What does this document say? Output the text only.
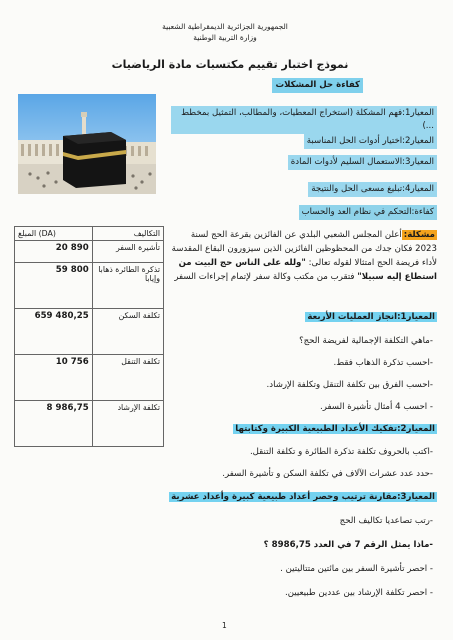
الجمهورية الجزائرية الديمقراطية الشعبية
وزارة التربية الوطنية
نموذج اختبار تقييم مكتسبات مادة الرياضيات
كفاءة حل المشكلات
المعيار1:فهم المشكلة (استخراج المعطيات، والمطالب، التمثيل بمخطط ...)
المعيار2:اختيار أدوات الحل المناسبة
المعيار3:الاستعمال السليم لأدوات المادة
المعيار4:تبليغ مسعى الحل والنتيجة
كفاءة:التحكم في نظام العد والحساب
المبلغ (DA)	التكاليف
20 890	تأشيرة السفر
59 800	تذكرة الطائرة ذهابا وإيابا
659 480,25	تكلفة السكن
10 756	تكلفة التنقل
8 986,75	تكلفة الإرشاد
مشكلة:أعلن المجلس الشعبي البلدي عن الفائزين بقرعة الحج لسنة 2023 فكان جدك من المحظوظين الفائزين الذين سيزورون البقاع المقدسة لأداء فريضة الحج امتثالا لقوله تعالى: "ولله على الناس حج البيت من استطاع إليه سبيلا" فتقرب من مكتب وكالة سفر لإتمام إجراءات السفر
المعيار1:انجاز العمليات الأربعة
-ماهي التكلفة الإجمالية لفريضة الحج؟
-احسب تذكرة الذهاب فقط.
-احسب الفرق بين تكلفة التنقل وتكلفة الإرشاد.
- احسب 4 أمثال تأشيرة السفر.
المعيار2:تفكيك الأعداد الطبيعية الكبيرة وكتابتها
-اكتب بالحروف تكلفة تذكرة الطائرة و تكلفة التنقل.
-حدد عدد عشرات الآلاف في تكلفة السكن و تأشيرة السفر.
المعيار3:مقارنة ترتيب وحصر أعداد طبيعية كبيرة وأعداد عشرية
-رتب تصاعديا تكاليف الحج
-ماذا يمثل الرقم 7 في العدد 8986,75 ؟
- احصر تأشيرة السفر بين مائتين متتاليتين .
- احصر تكلفة الإرشاد بين عددين طبيعيين.
1
